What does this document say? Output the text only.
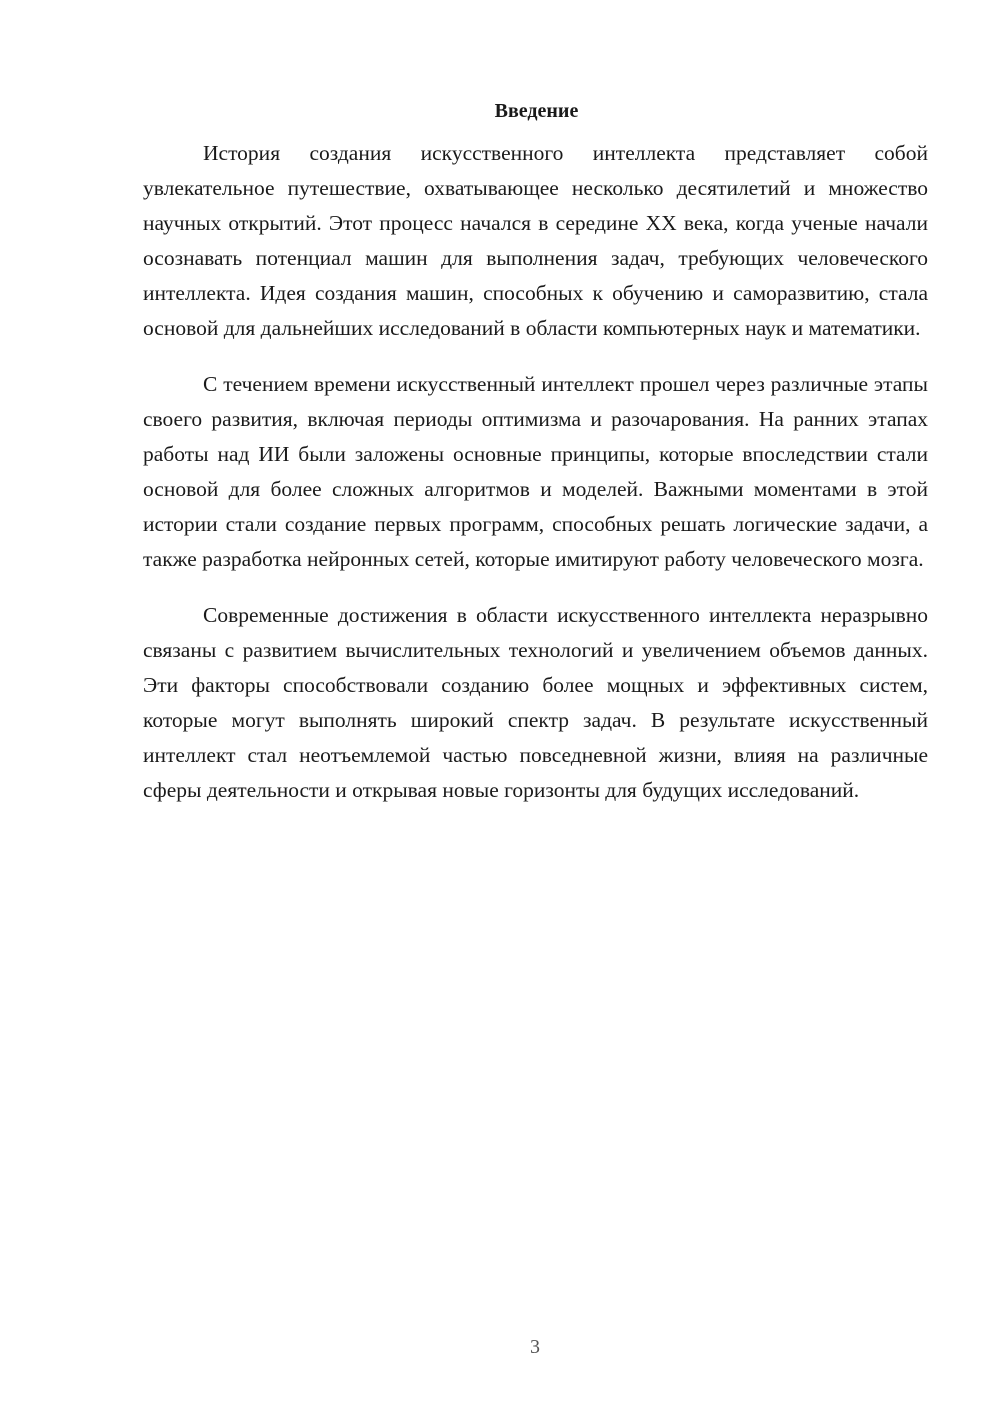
Введение

История создания искусственного интеллекта представляет собой увлекательное путешествие, охватывающее несколько десятилетий и множество научных открытий. Этот процесс начался в середине XX века, когда ученые начали осознавать потенциал машин для выполнения задач, требующих человеческого интеллекта. Идея создания машин, способных к обучению и саморазвитию, стала основой для дальнейших исследований в области компьютерных наук и математики.

С течением времени искусственный интеллект прошел через различные этапы своего развития, включая периоды оптимизма и разочарования. На ранних этапах работы над ИИ были заложены основные принципы, которые впоследствии стали основой для более сложных алгоритмов и моделей. Важными моментами в этой истории стали создание первых программ, способных решать логические задачи, а также разработка нейронных сетей, которые имитируют работу человеческого мозга.

Современные достижения в области искусственного интеллекта неразрывно связаны с развитием вычислительных технологий и увеличением объемов данных. Эти факторы способствовали созданию более мощных и эффективных систем, которые могут выполнять широкий спектр задач. В результате искусственный интеллект стал неотъемлемой частью повседневной жизни, влияя на различные сферы деятельности и открывая новые горизонты для будущих исследований.

3
